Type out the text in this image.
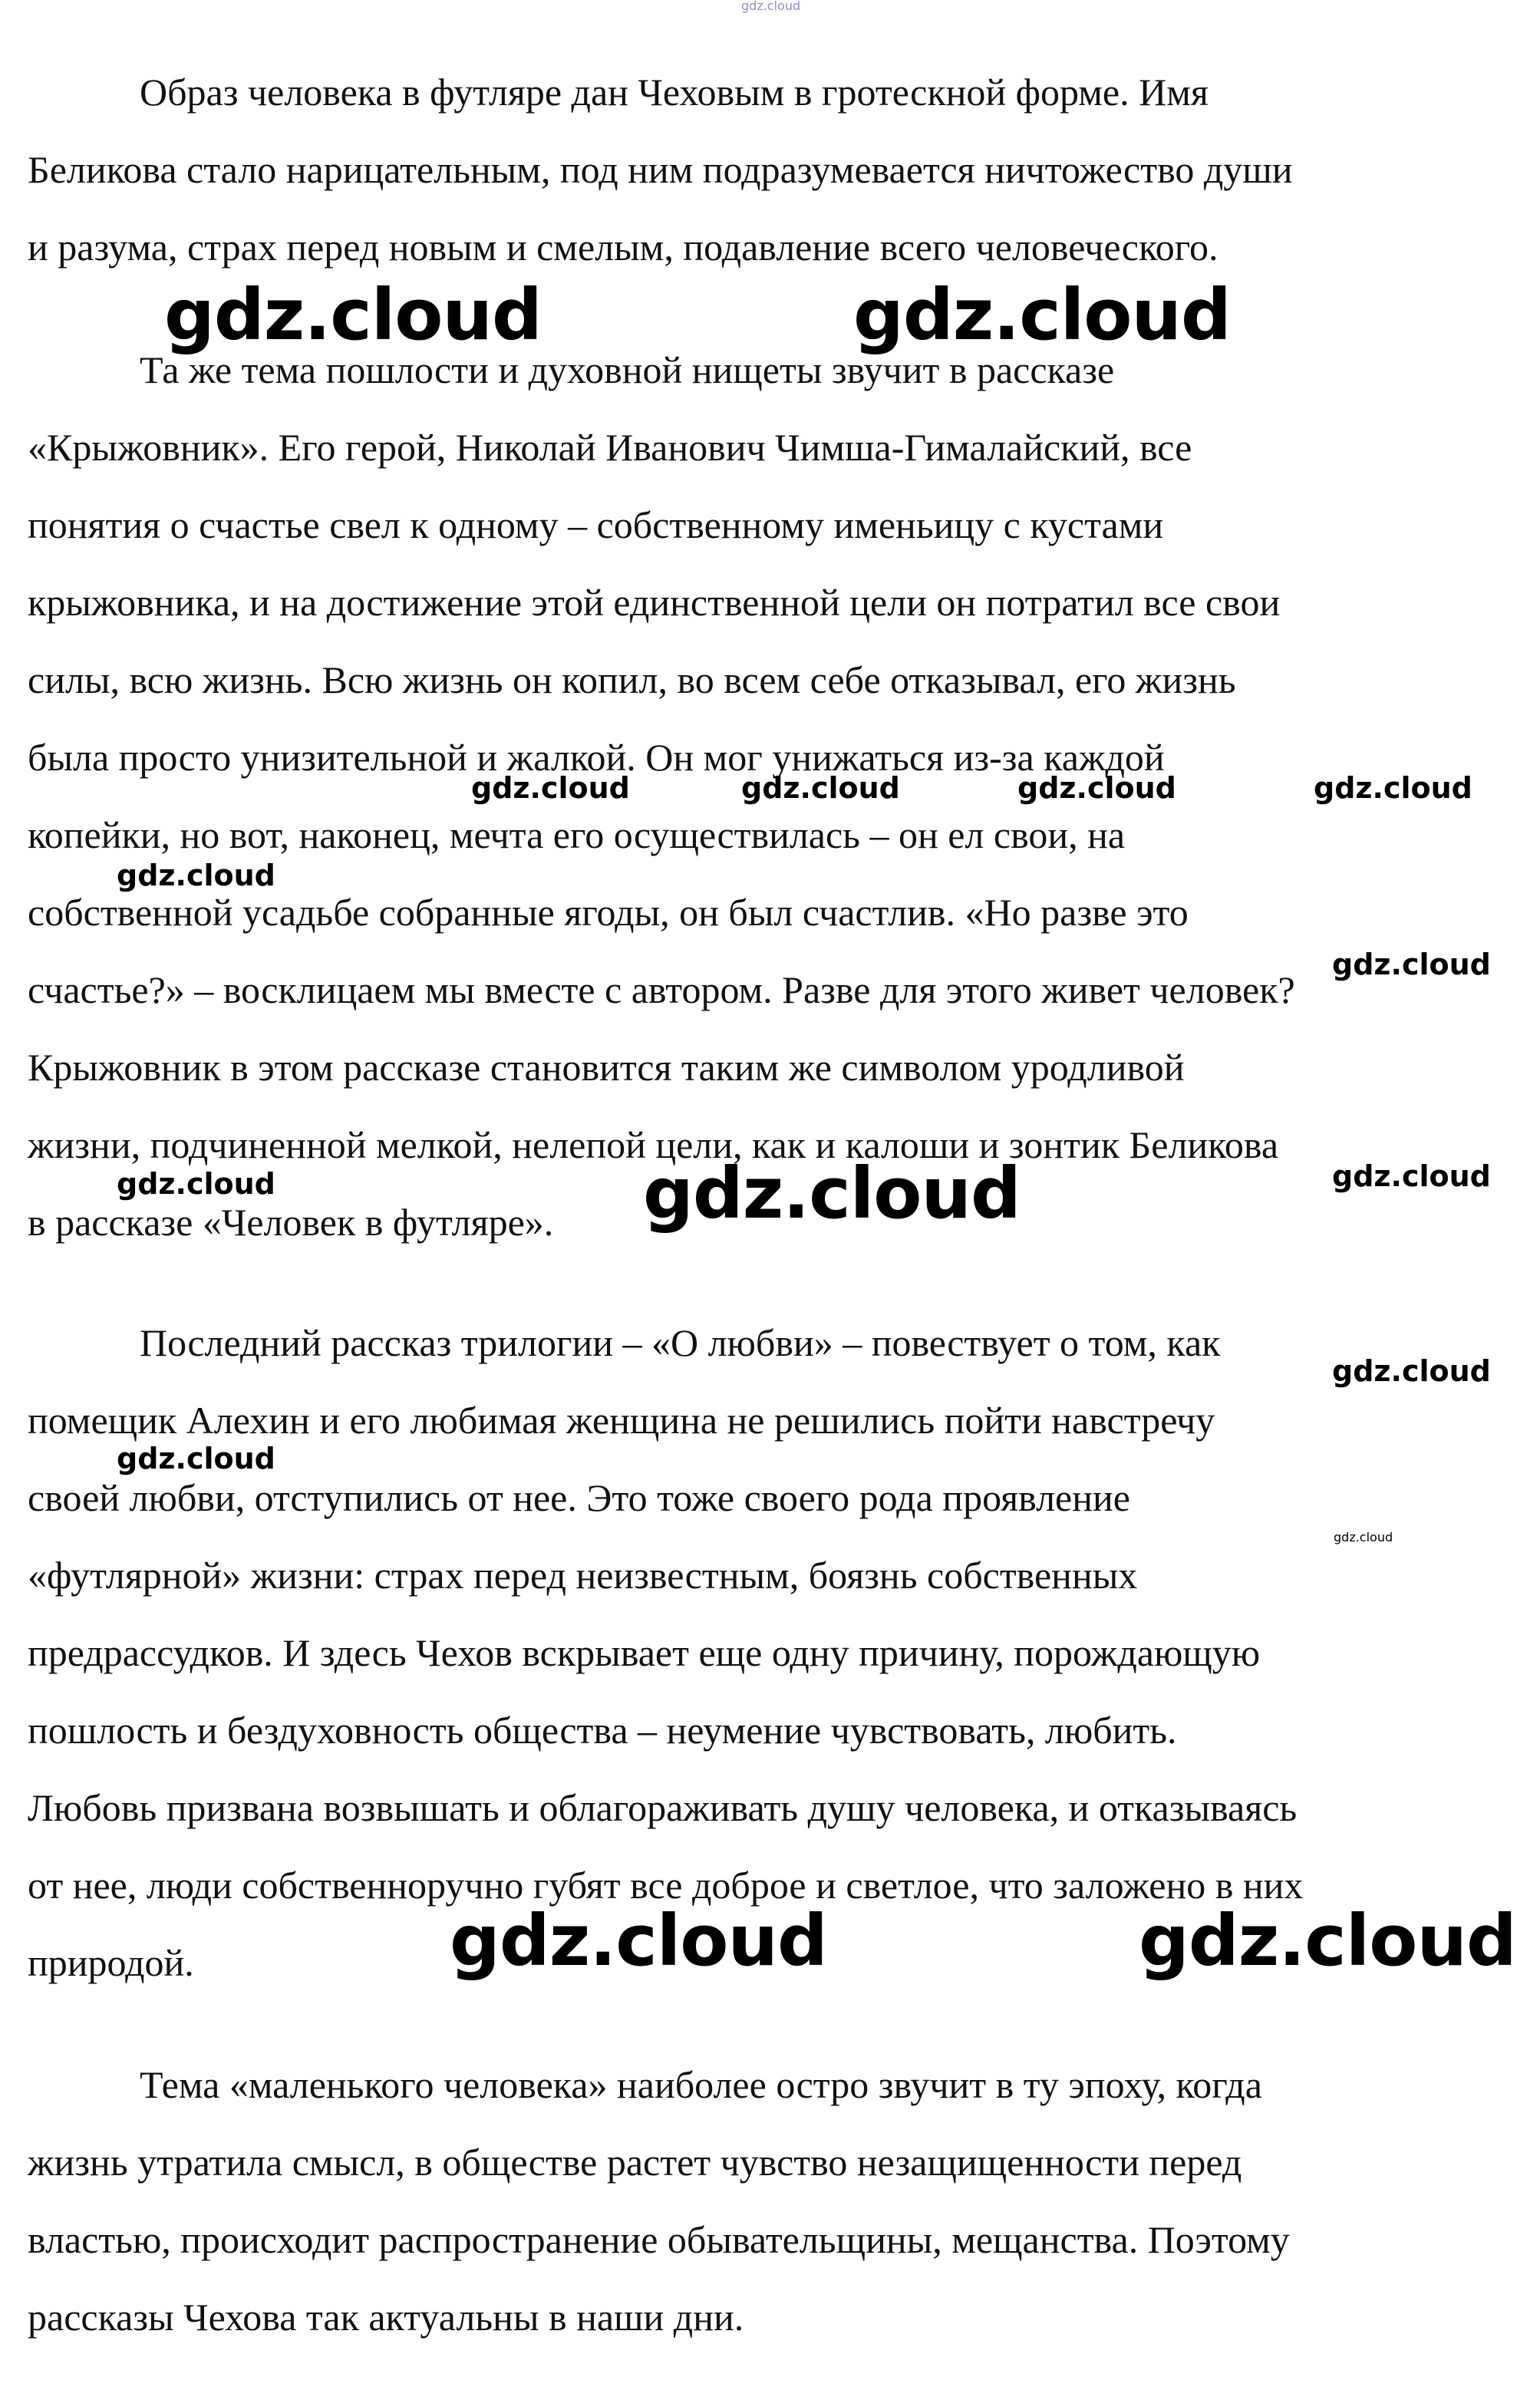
Образ человека в футляре дан Чеховым в гротескной форме. Имя
Беликова стало нарицательным, под ним подразумевается ничтожество души
и разума, страх перед новым и смелым, подавление всего человеческого.

Та же тема пошлости и духовной нищеты звучит в рассказе
«Крыжовник». Его герой, Николай Иванович Чимша-Гималайский, все
понятия о счастье свел к одному – собственному именьицу с кустами
крыжовника, и на достижение этой единственной цели он потратил все свои
силы, всю жизнь. Всю жизнь он копил, во всем себе отказывал, его жизнь
была просто унизительной и жалкой. Он мог унижаться из-за каждой
копейки, но вот, наконец, мечта его осуществилась – он ел свои, на
собственной усадьбе собранные ягоды, он был счастлив. «Но разве это
счастье?» – восклицаем мы вместе с автором. Разве для этого живет человек?
Крыжовник в этом рассказе становится таким же символом уродливой
жизни, подчиненной мелкой, нелепой цели, как и калоши и зонтик Беликова
в рассказе «Человек в футляре».

Последний рассказ трилогии – «О любви» – повествует о том, как
помещик Алехин и его любимая женщина не решились пойти навстречу
своей любви, отступились от нее. Это тоже своего рода проявление
«футлярной» жизни: страх перед неизвестным, боязнь собственных
предрассудков. И здесь Чехов вскрывает еще одну причину, порождающую
пошлость и бездуховность общества – неумение чувствовать, любить.
Любовь призвана возвышать и облагораживать душу человека, и отказываясь
от нее, люди собственноручно губят все доброе и светлое, что заложено в них
природой.

Тема «маленького человека» наиболее остро звучит в ту эпоху, когда
жизнь утратила смысл, в обществе растет чувство незащищенности перед
властью, происходит распространение обывательщины, мещанства. Поэтому
рассказы Чехова так актуальны в наши дни.

gdz.cloud
gdz.cloud	gdz.cloud
gdz.cloud	gdz.cloud	gdz.cloud	gdz.cloud
gdz.cloud
gdz.cloud
gdz.cloud	gdz.cloud
gdz.cloud
gdz.cloud
gdz.cloud
gdz.cloud
gdz.cloud	gdz.cloud
